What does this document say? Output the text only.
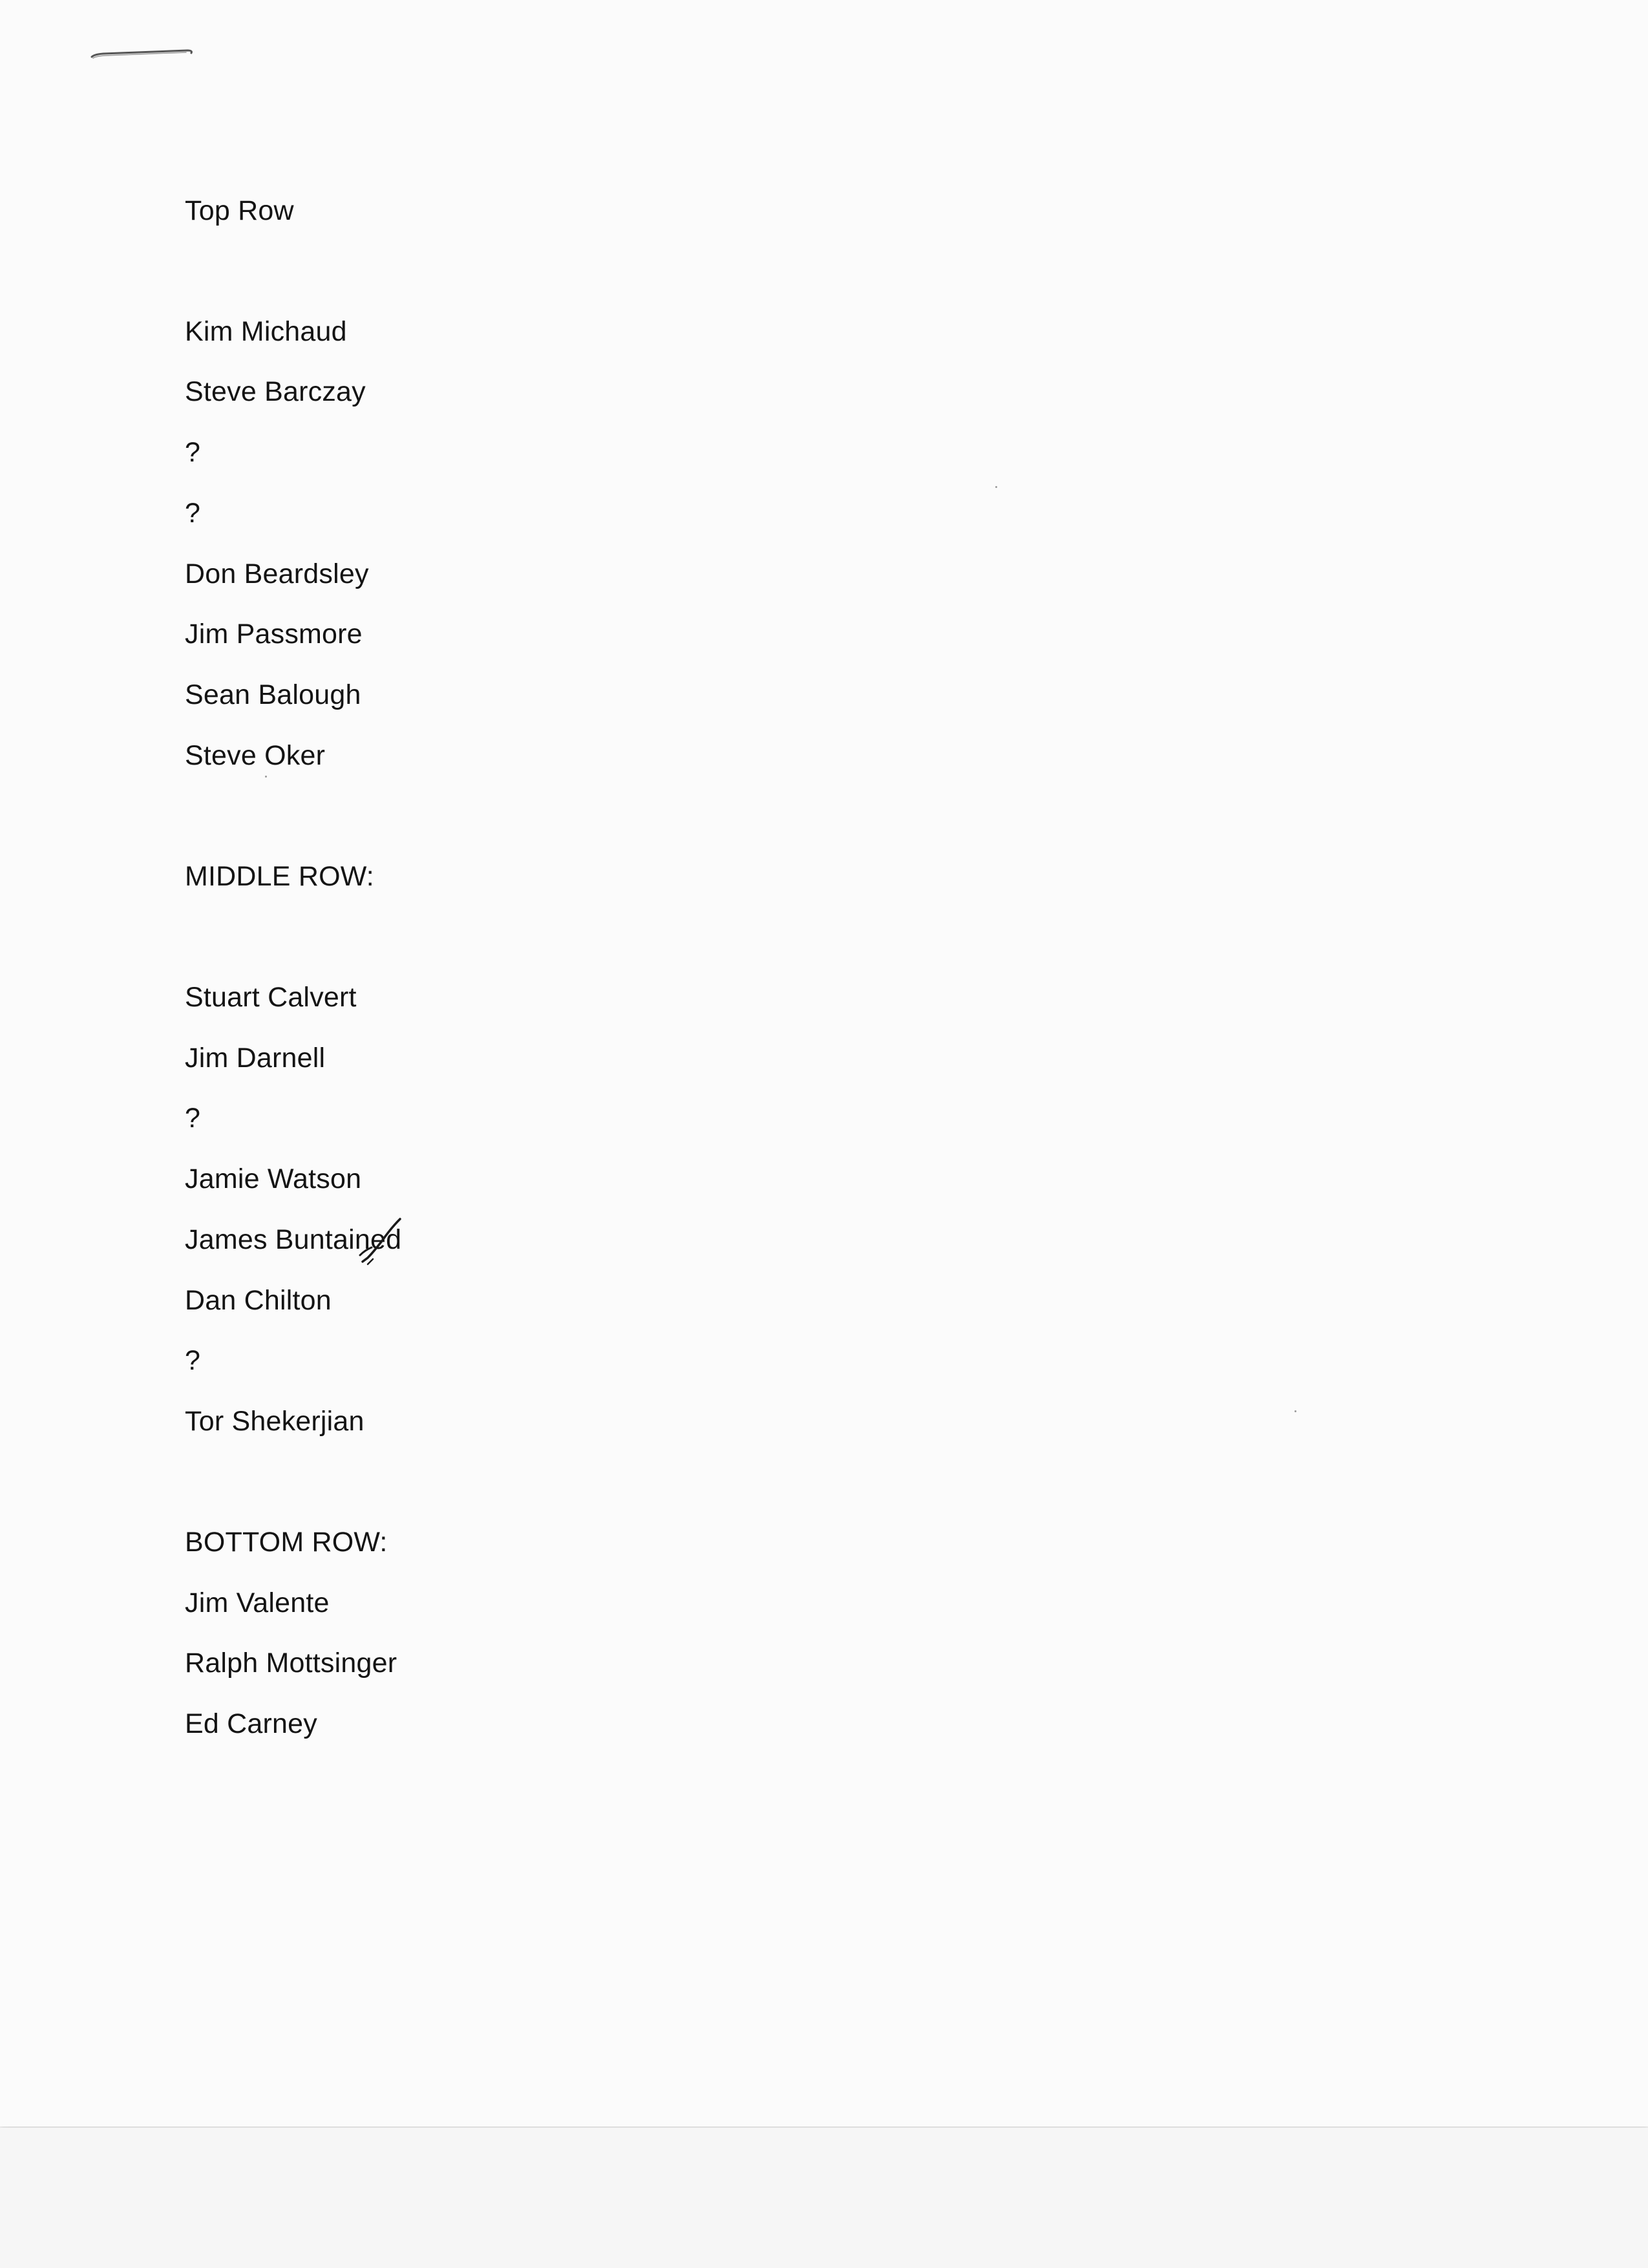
Top Row
Kim Michaud
Steve Barczay
?
?
Don Beardsley
Jim Passmore
Sean Balough
Steve Oker
MIDDLE ROW:
Stuart Calvert
Jim Darnell
?
Jamie Watson
James Buntained
Dan Chilton
?
Tor Shekerjian
BOTTOM ROW:
Jim Valente
Ralph Mottsinger
Ed Carney
